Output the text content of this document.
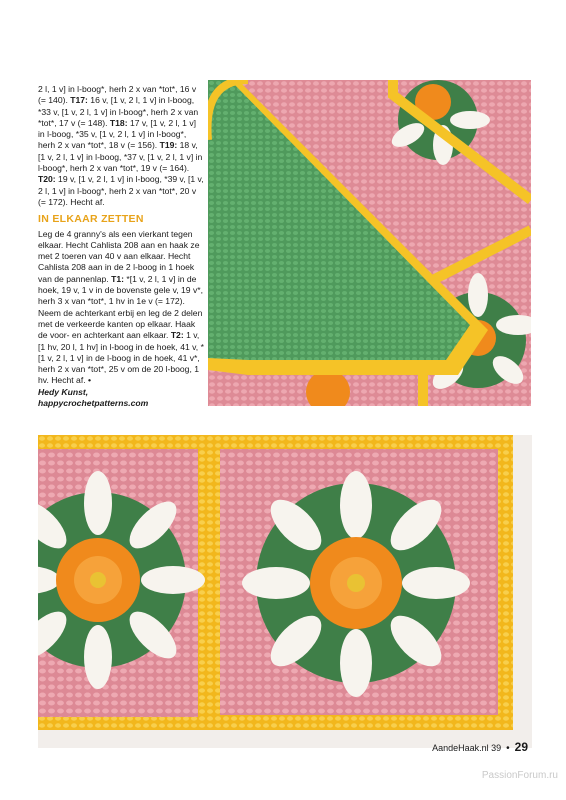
2 l, 1 v] in l-boog*, herh 2 x van *tot*, 16 v (= 140). T17: 16 v, [1 v, 2 l, 1 v] in l-boog, *33 v, [1 v, 2 l, 1 v] in l-boog*, herh 2 x van *tot*, 17 v (= 148). T18: 17 v, [1 v, 2 l, 1 v] in l-boog, *35 v, [1 v, 2 l, 1 v] in l-boog*, herh 2 x van *tot*, 18 v (= 156). T19: 18 v, [1 v, 2 l, 1 v] in l-boog, *37 v, [1 v, 2 l, 1 v] in l-boog*, herh 2 x van *tot*, 19 v (= 164). T20: 19 v, [1 v, 2 l, 1 v] in l-boog, *39 v, [1 v, 2 l, 1 v] in l-boog*, herh 2 x van *tot*, 20 v (= 172). Hecht af.

IN ELKAAR ZETTEN

Leg de 4 granny's als een vierkant tegen elkaar. Hecht Cahlista 208 aan en haak ze met 2 toeren van 40 v aan elkaar. Hecht Cahlista 208 aan in de 2 l-boog in 1 hoek van de pannenlap. T1: *[1 v, 2 l, 1 v] in de hoek, 19 v, 1 v in de bovenste gele v, 19 v*, herh 3 x van *tot*, 1 hv in 1e v (= 172). Neem de achterkant erbij en leg de 2 delen met de verkeerde kanten op elkaar. Haak de voor- en achterkant aan elkaar. T2: 1 v, [1 hv, 20 l, 1 hv] in l-boog in de hoek, 41 v, *[1 v, 2 l, 1 v] in de l-boog in de hoek, 41 v*, herh 2 x van *tot*, 25 v om de 20 l-boog, 1 hv. Hecht af. •

Hedy Kunst,

happycrochetpatterns.com

AandeHaak.nl 39 • 29
PassionForum.ru
